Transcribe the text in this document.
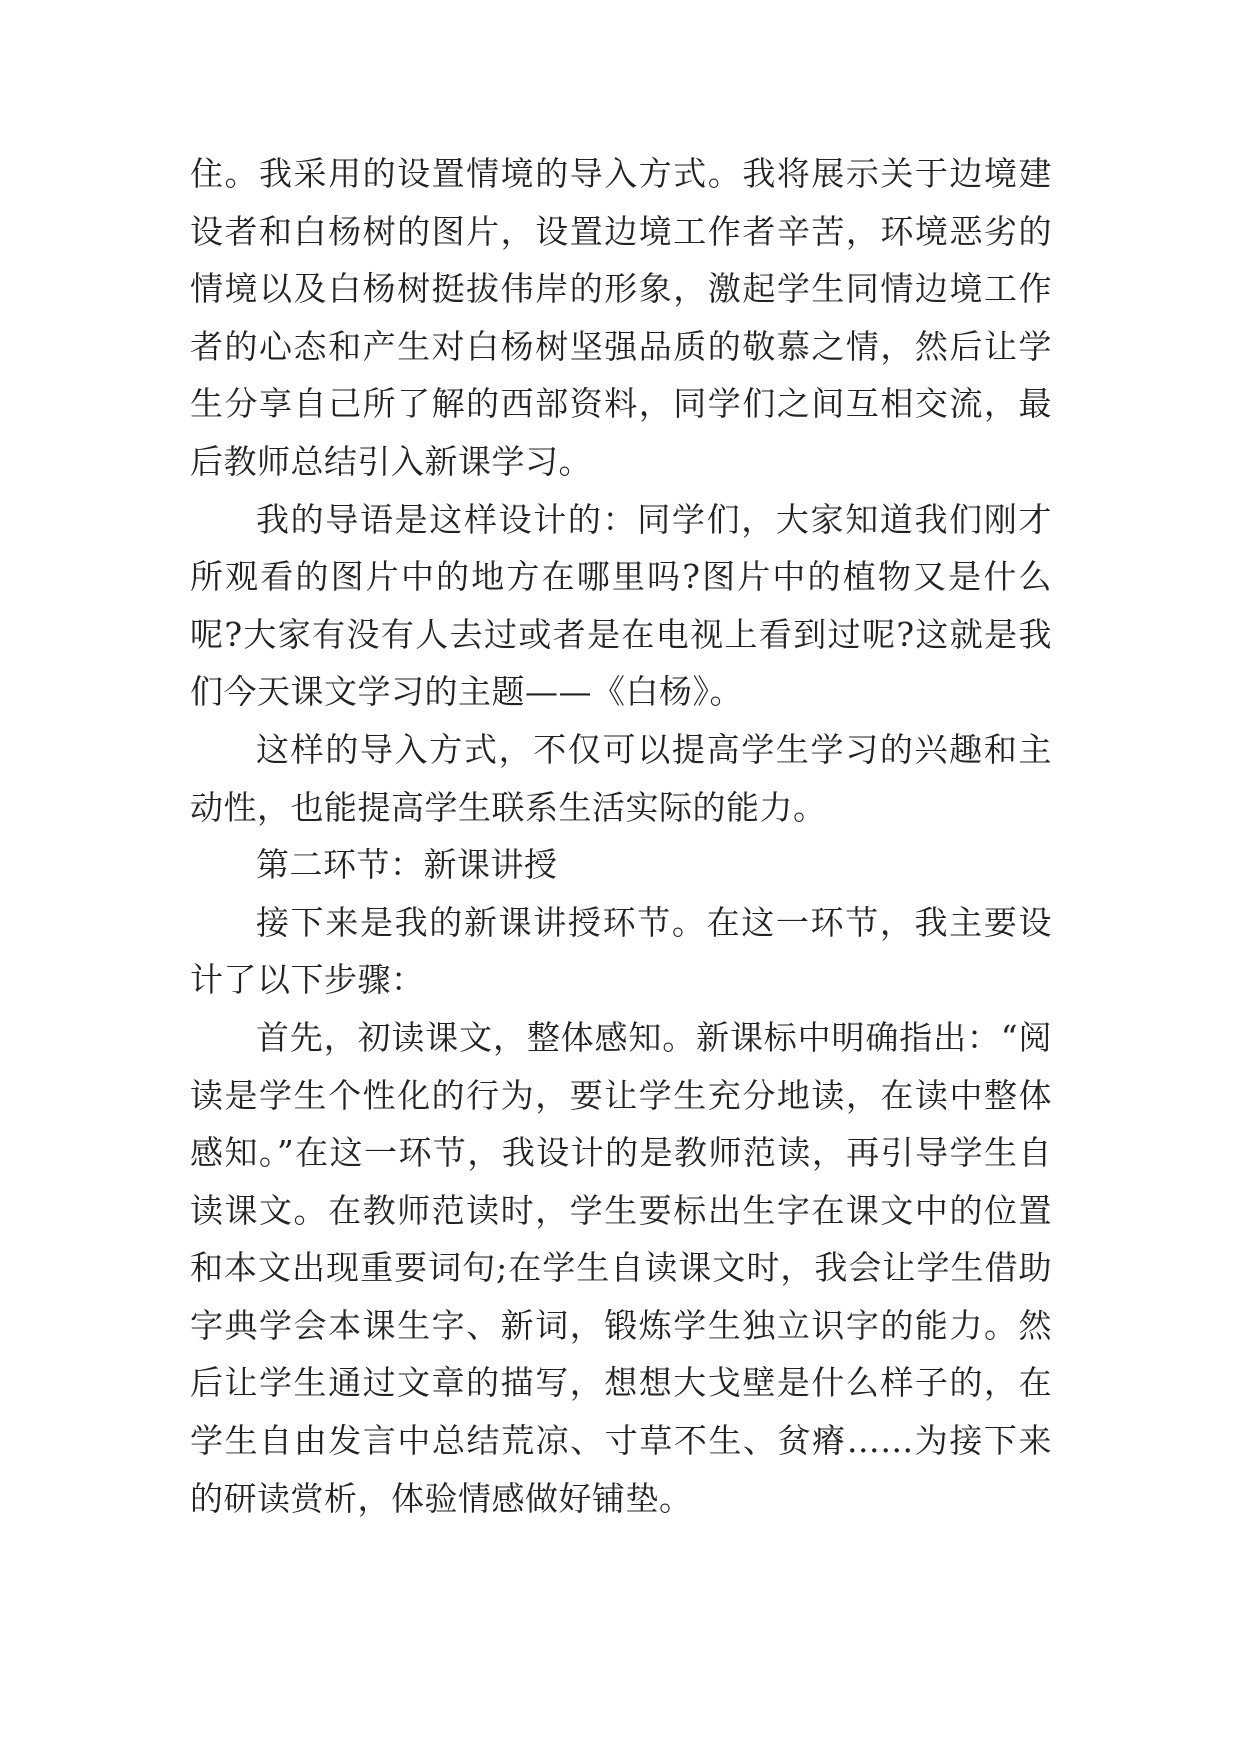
住。我采用的设置情境的导入方式。我将展示关于边境建设者和白杨树的图片，设置边境工作者辛苦，环境恶劣的情境以及白杨树挺拔伟岸的形象，激起学生同情边境工作者的心态和产生对白杨树坚强品质的敬慕之情，然后让学生分享自己所了解的西部资料，同学们之间互相交流，最后教师总结引入新课学习。

我的导语是这样设计的：同学们，大家知道我们刚才所观看的图片中的地方在哪里吗?图片中的植物又是什么呢?大家有没有人去过或者是在电视上看到过呢?这就是我们今天课文学习的主题——《白杨》。

这样的导入方式，不仅可以提高学生学习的兴趣和主动性，也能提高学生联系生活实际的能力。

第二环节：新课讲授

接下来是我的新课讲授环节。在这一环节，我主要设计了以下步骤：

首先，初读课文，整体感知。新课标中明确指出：“阅读是学生个性化的行为，要让学生充分地读，在读中整体感知。”在这一环节，我设计的是教师范读，再引导学生自读课文。在教师范读时，学生要标出生字在课文中的位置和本文出现重要词句;在学生自读课文时，我会让学生借助字典学会本课生字、新词，锻炼学生独立识字的能力。然后让学生通过文章的描写，想想大戈壁是什么样子的，在学生自由发言中总结荒凉、寸草不生、贫瘠……为接下来的研读赏析，体验情感做好铺垫。
